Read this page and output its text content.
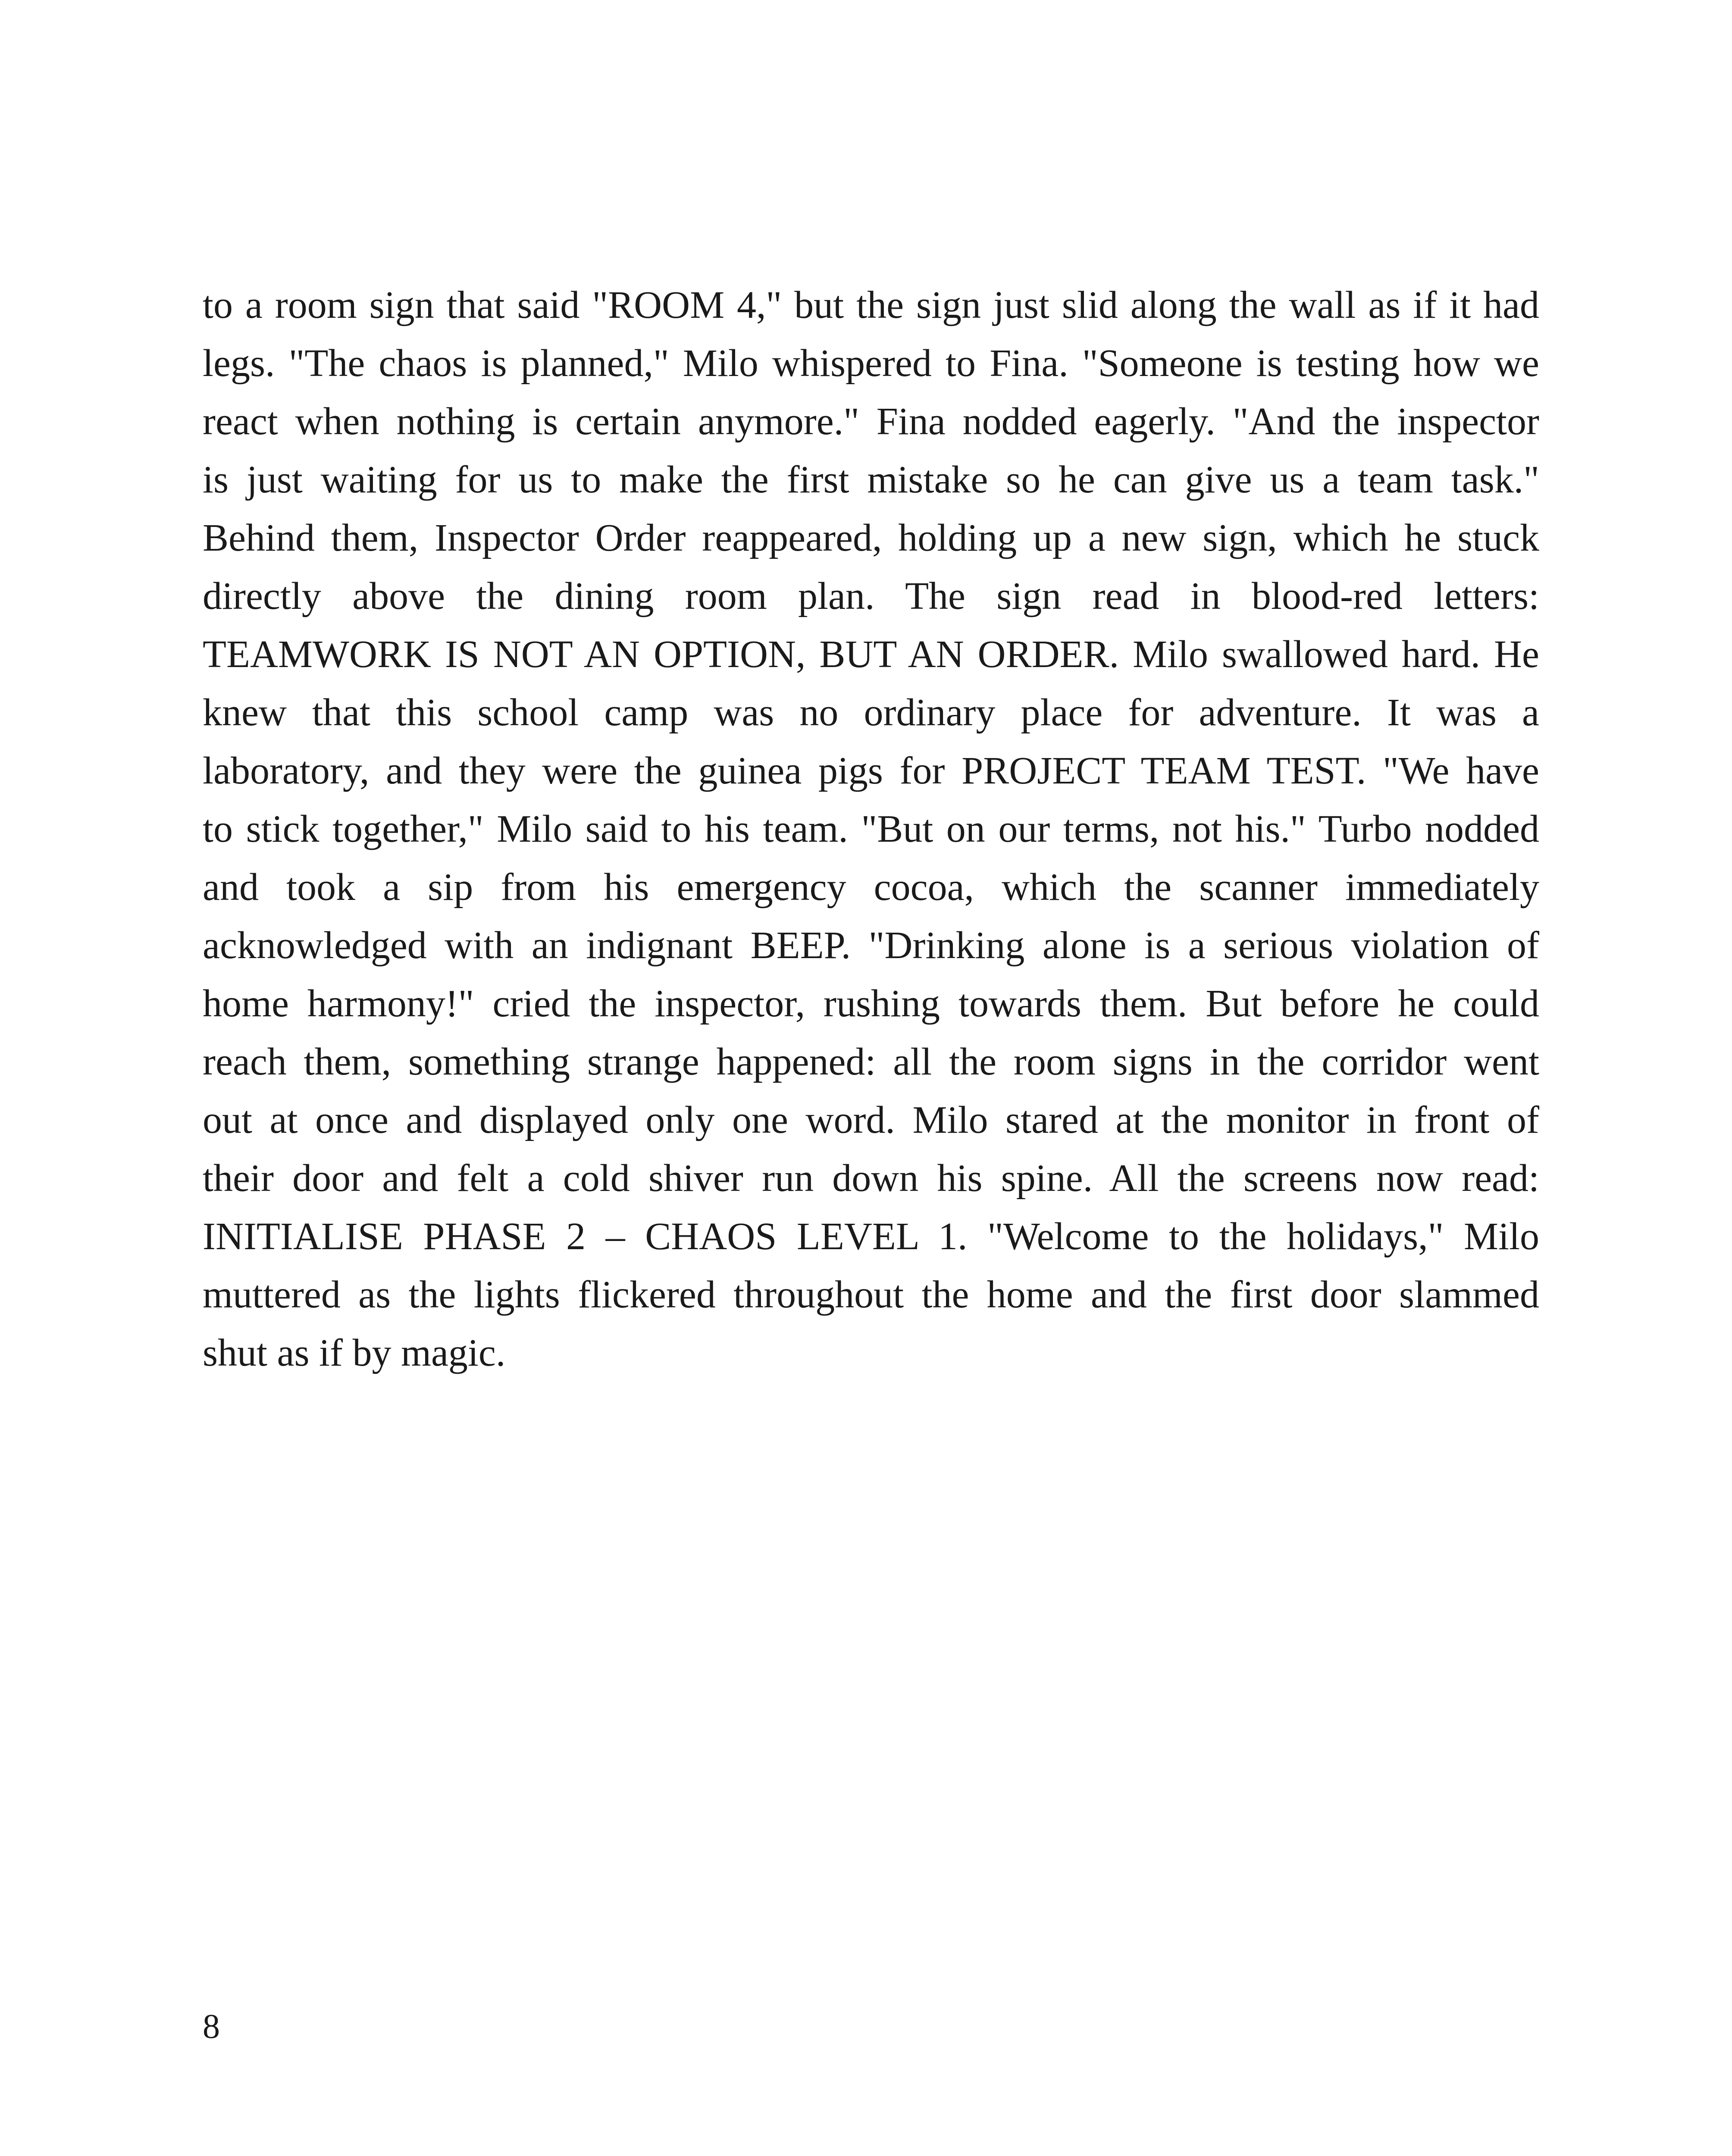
to a room sign that said "ROOM 4," but the sign just slid along the wall as if it had
legs. "The chaos is planned," Milo whispered to Fina. "Someone is testing how we
react when nothing is certain anymore." Fina nodded eagerly. "And the inspector
is just waiting for us to make the first mistake so he can give us a team task."
Behind them, Inspector Order reappeared, holding up a new sign, which he stuck
directly above the dining room plan. The sign read in blood-red letters:
TEAMWORK IS NOT AN OPTION, BUT AN ORDER. Milo swallowed hard. He
knew that this school camp was no ordinary place for adventure. It was a
laboratory, and they were the guinea pigs for PROJECT TEAM TEST. "We have
to stick together," Milo said to his team. "But on our terms, not his." Turbo nodded
and took a sip from his emergency cocoa, which the scanner immediately
acknowledged with an indignant BEEP. "Drinking alone is a serious violation of
home harmony!" cried the inspector, rushing towards them. But before he could
reach them, something strange happened: all the room signs in the corridor went
out at once and displayed only one word. Milo stared at the monitor in front of
their door and felt a cold shiver run down his spine. All the screens now read:
INITIALISE PHASE 2 – CHAOS LEVEL 1. "Welcome to the holidays," Milo
muttered as the lights flickered throughout the home and the first door slammed
shut as if by magic.
8
